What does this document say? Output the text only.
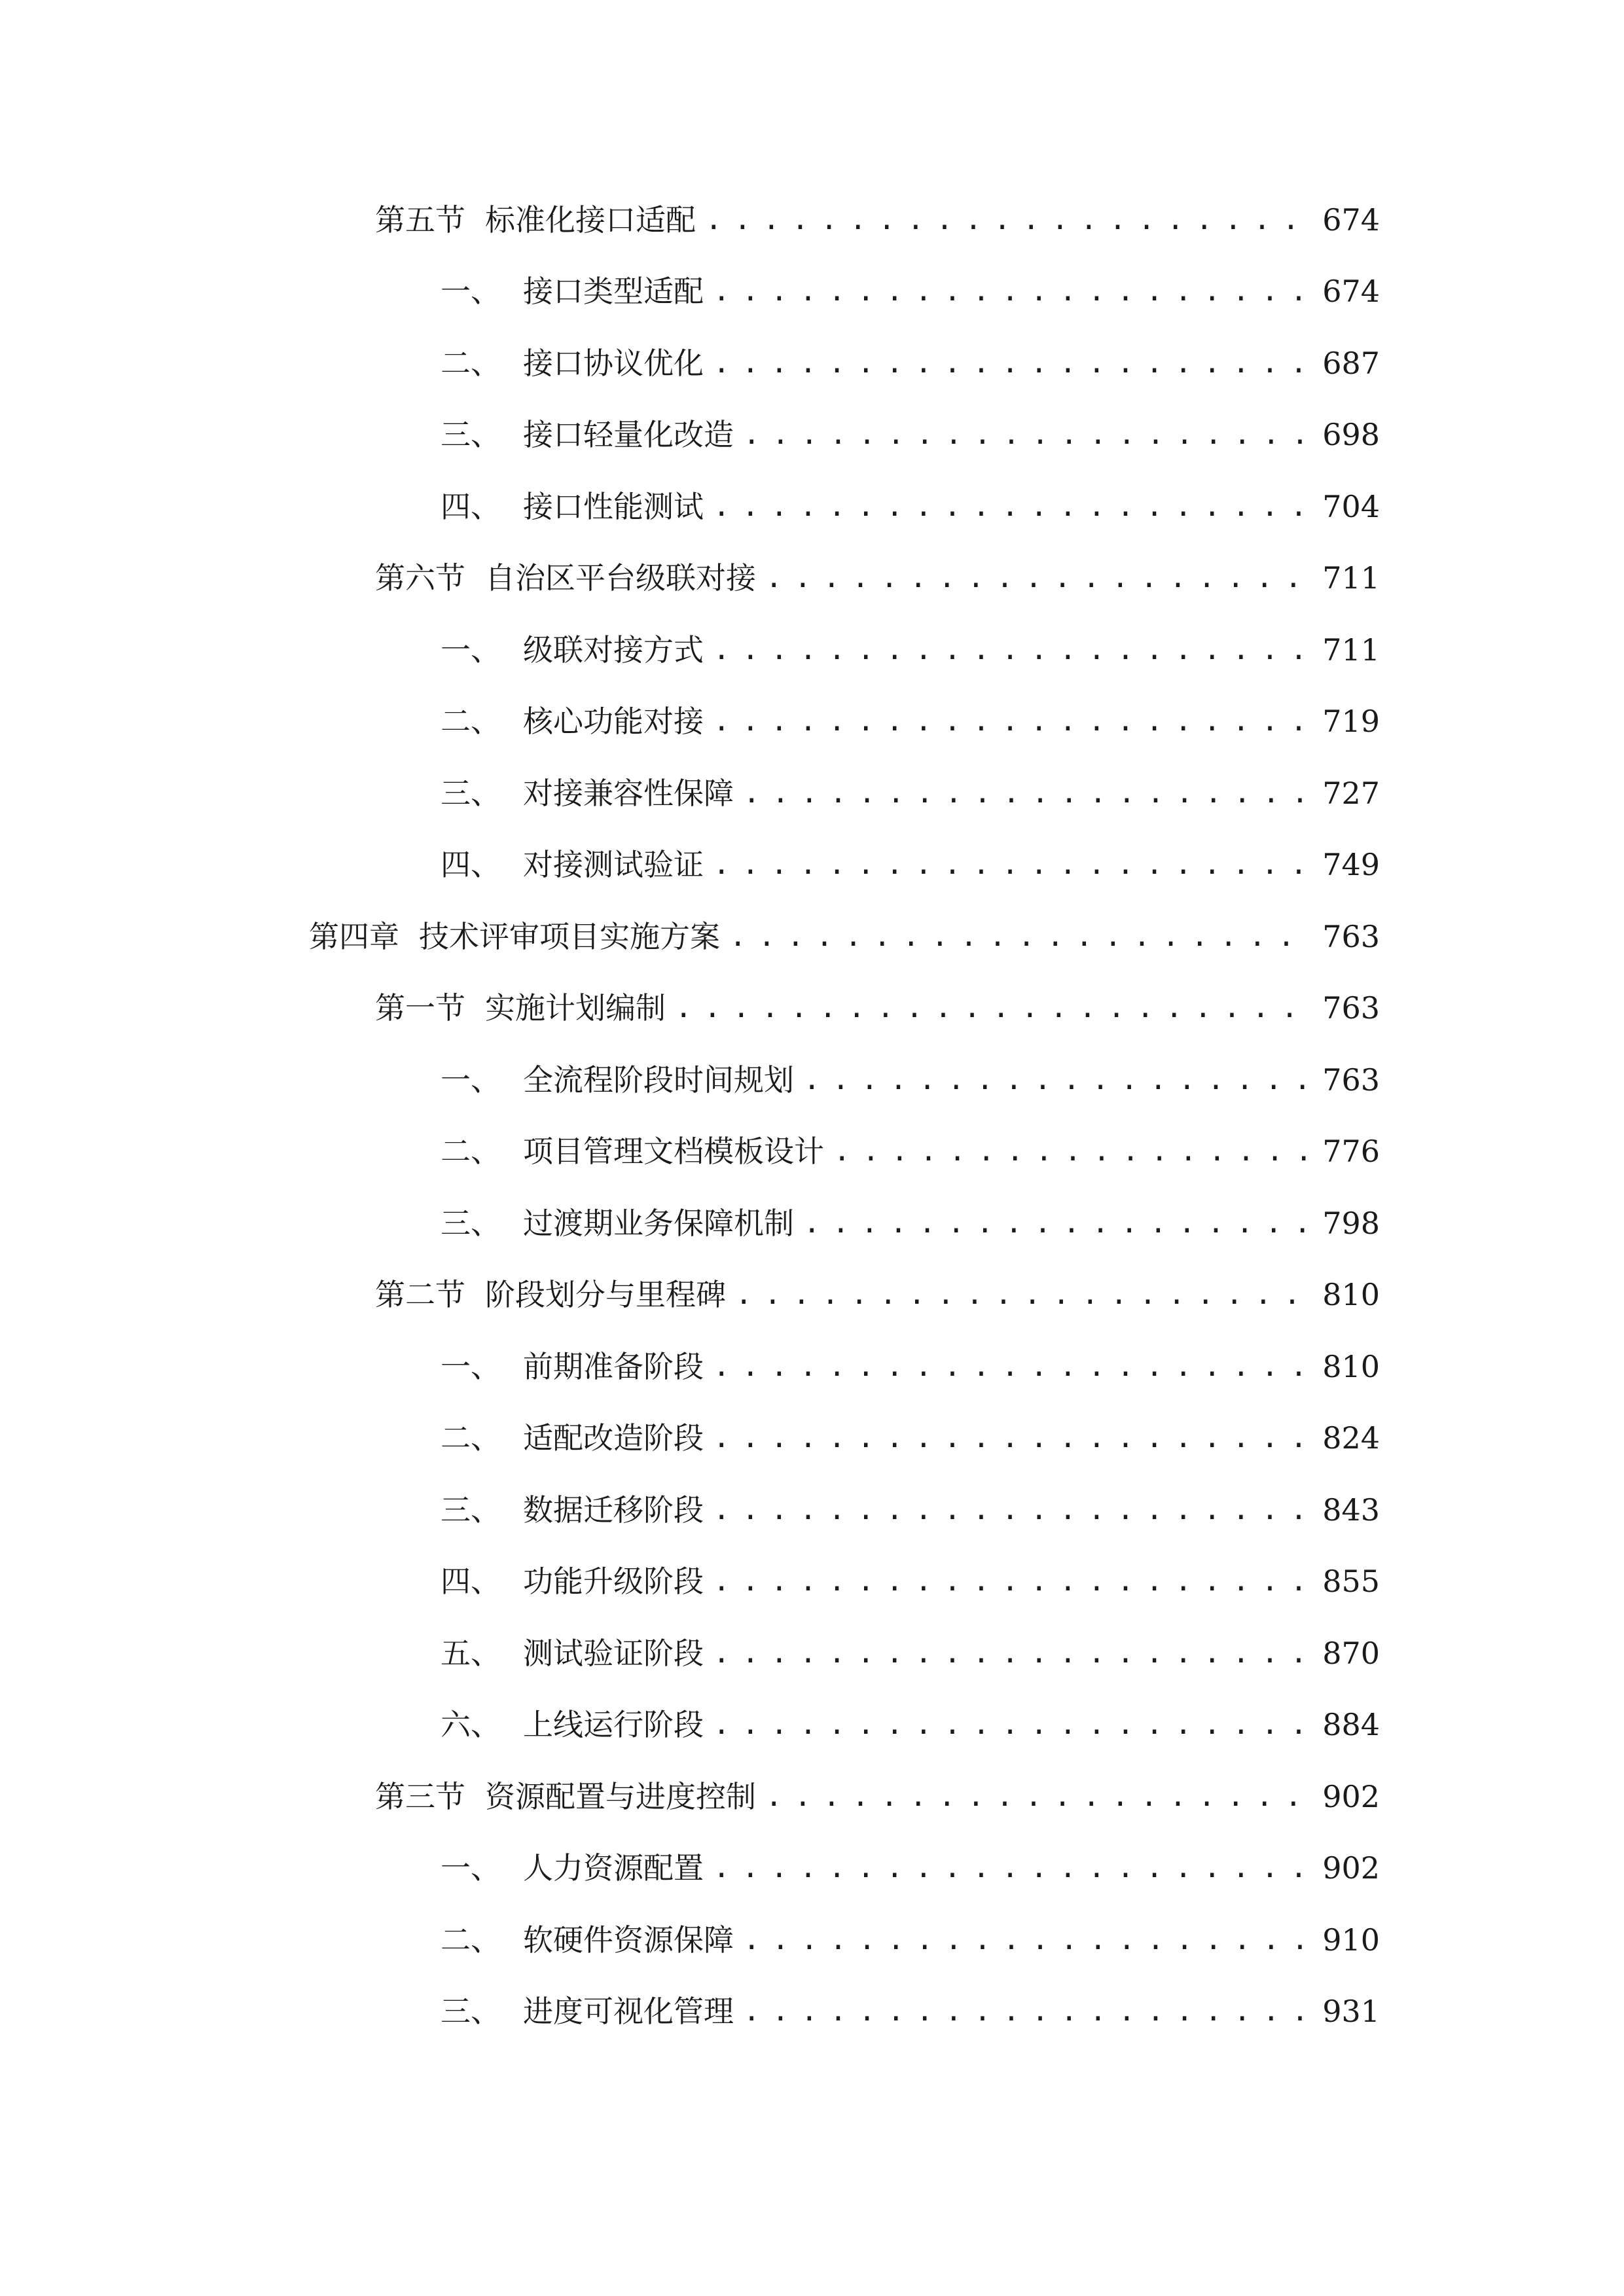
第五节 标准化接口适配 .....	674
一、 接口类型适配 .....	674
二、 接口协议优化 .....	687
三、 接口轻量化改造 .....	698
四、 接口性能测试 .....	704
第六节 自治区平台级联对接 .....	711
一、 级联对接方式 .....	711
二、 核心功能对接 .....	719
三、 对接兼容性保障 .....	727
四、 对接测试验证 .....	749
第四章 技术评审项目实施方案 .....	763
第一节 实施计划编制 .....	763
一、 全流程阶段时间规划 .....	763
二、 项目管理文档模板设计 .....	776
三、 过渡期业务保障机制 .....	798
第二节 阶段划分与里程碑 .....	810
一、 前期准备阶段 .....	810
二、 适配改造阶段 .....	824
三、 数据迁移阶段 .....	843
四、 功能升级阶段 .....	855
五、 测试验证阶段 .....	870
六、 上线运行阶段 .....	884
第三节 资源配置与进度控制 .....	902
一、 人力资源配置 .....	902
二、 软硬件资源保障 .....	910
三、 进度可视化管理 .....	931
